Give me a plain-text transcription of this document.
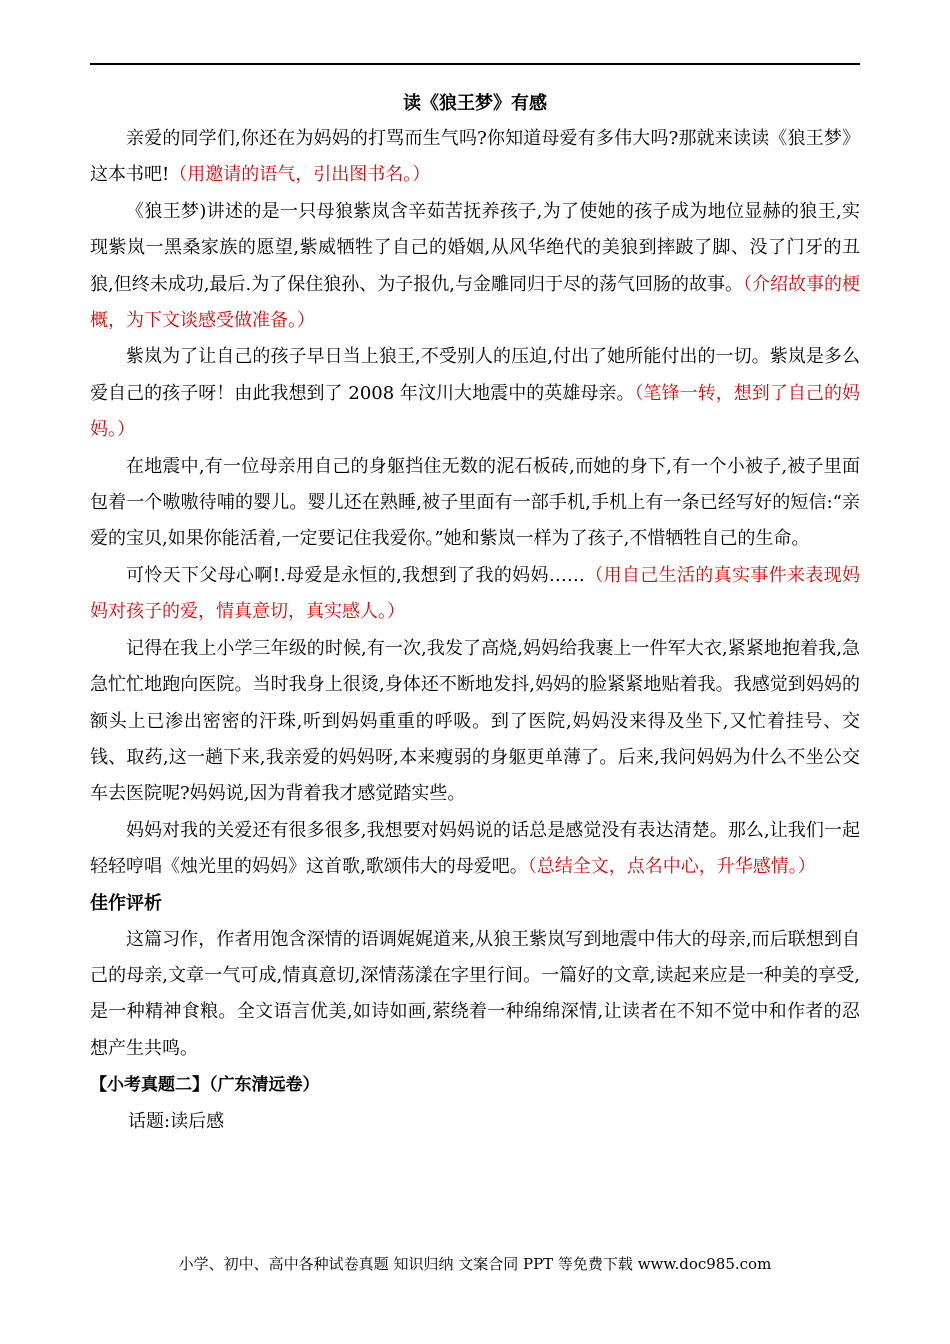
读《狼王梦》有感

亲爱的同学们,你还在为妈妈的打骂而生气吗?你知道母爱有多伟大吗?那就来读读《狼王梦》这本书吧!（用邀请的语气，引出图书名。）

《狼王梦)讲述的是一只母狼紫岚含辛茹苦抚养孩子,为了使她的孩子成为地位显赫的狼王,实现紫岚一黑桑家族的愿望,紫威牺牲了自己的婚姻,从风华绝代的美狼到摔跛了脚、没了门牙的丑狼,但终未成功,最后.为了保住狼孙、为子报仇,与金雕同归于尽的荡气回肠的故事。（介绍故事的梗概，为下文谈感受做准备。）

紫岚为了让自己的孩子早日当上狼王,不受别人的压迫,付出了她所能付出的一切。紫岚是多么爱自己的孩子呀！由此我想到了 2008 年汶川大地震中的英雄母亲。（笔锋一转，想到了自己的妈妈。）

在地震中,有一位母亲用自己的身躯挡住无数的泥石板砖,而她的身下,有一个小被子,被子里面包着一个嗷嗷待哺的婴儿。婴儿还在熟睡,被子里面有一部手机,手机上有一条已经写好的短信:“亲爱的宝贝,如果你能活着,一定要记住我爱你。”她和紫岚一样为了孩子,不惜牺牲自己的生命。

可怜天下父母心啊!.母爱是永恒的,我想到了我的妈妈……（用自己生活的真实事件来表现妈妈对孩子的爱，情真意切，真实感人。）

记得在我上小学三年级的时候,有一次,我发了高烧,妈妈给我裹上一件军大衣,紧紧地抱着我,急急忙忙地跑向医院。当时我身上很烫,身体还不断地发抖,妈妈的脸紧紧地贴着我。我感觉到妈妈的额头上已渗出密密的汗珠,听到妈妈重重的呼吸。到了医院,妈妈没来得及坐下,又忙着挂号、交钱、取药,这一趟下来,我亲爱的妈妈呀,本来瘦弱的身躯更单薄了。后来,我问妈妈为什么不坐公交车去医院呢?妈妈说,因为背着我才感觉踏实些。

妈妈对我的关爱还有很多很多,我想要对妈妈说的话总是感觉没有表达清楚。那么,让我们一起轻轻哼唱《烛光里的妈妈》这首歌,歌颂伟大的母爱吧。（总结全文，点名中心，升华感情。）

佳作评析

这篇习作，作者用饱含深情的语调娓娓道来,从狼王紫岚写到地震中伟大的母亲,而后联想到自己的母亲,文章一气可成,情真意切,深情荡漾在字里行间。一篇好的文章,读起来应是一种美的享受,是一种精神食粮。全文语言优美,如诗如画,萦绕着一种绵绵深情,让读者在不知不觉中和作者的忍想产生共鸣。

【小考真题二】（广东清远卷）
话题:读后感
小学、初中、高中各种试卷真题 知识归纳 文案合同 PPT 等免费下载 www.doc985.com
